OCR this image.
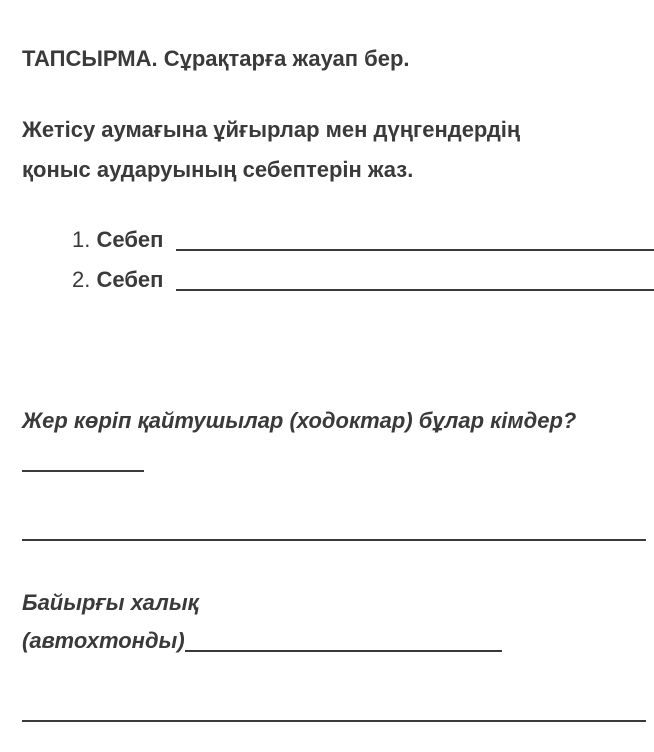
ТАПСЫРМА. Сұрақтарға жауап бер.
Жетісу аумағына ұйғырлар мен дүңгендердің
қоныс аударуының себептерін жаз.
1. Себеп
2. Себеп
Жер көріп қайтушылар (ходоктар) бұлар кімдер?
Байырғы халық
(автохтонды)
